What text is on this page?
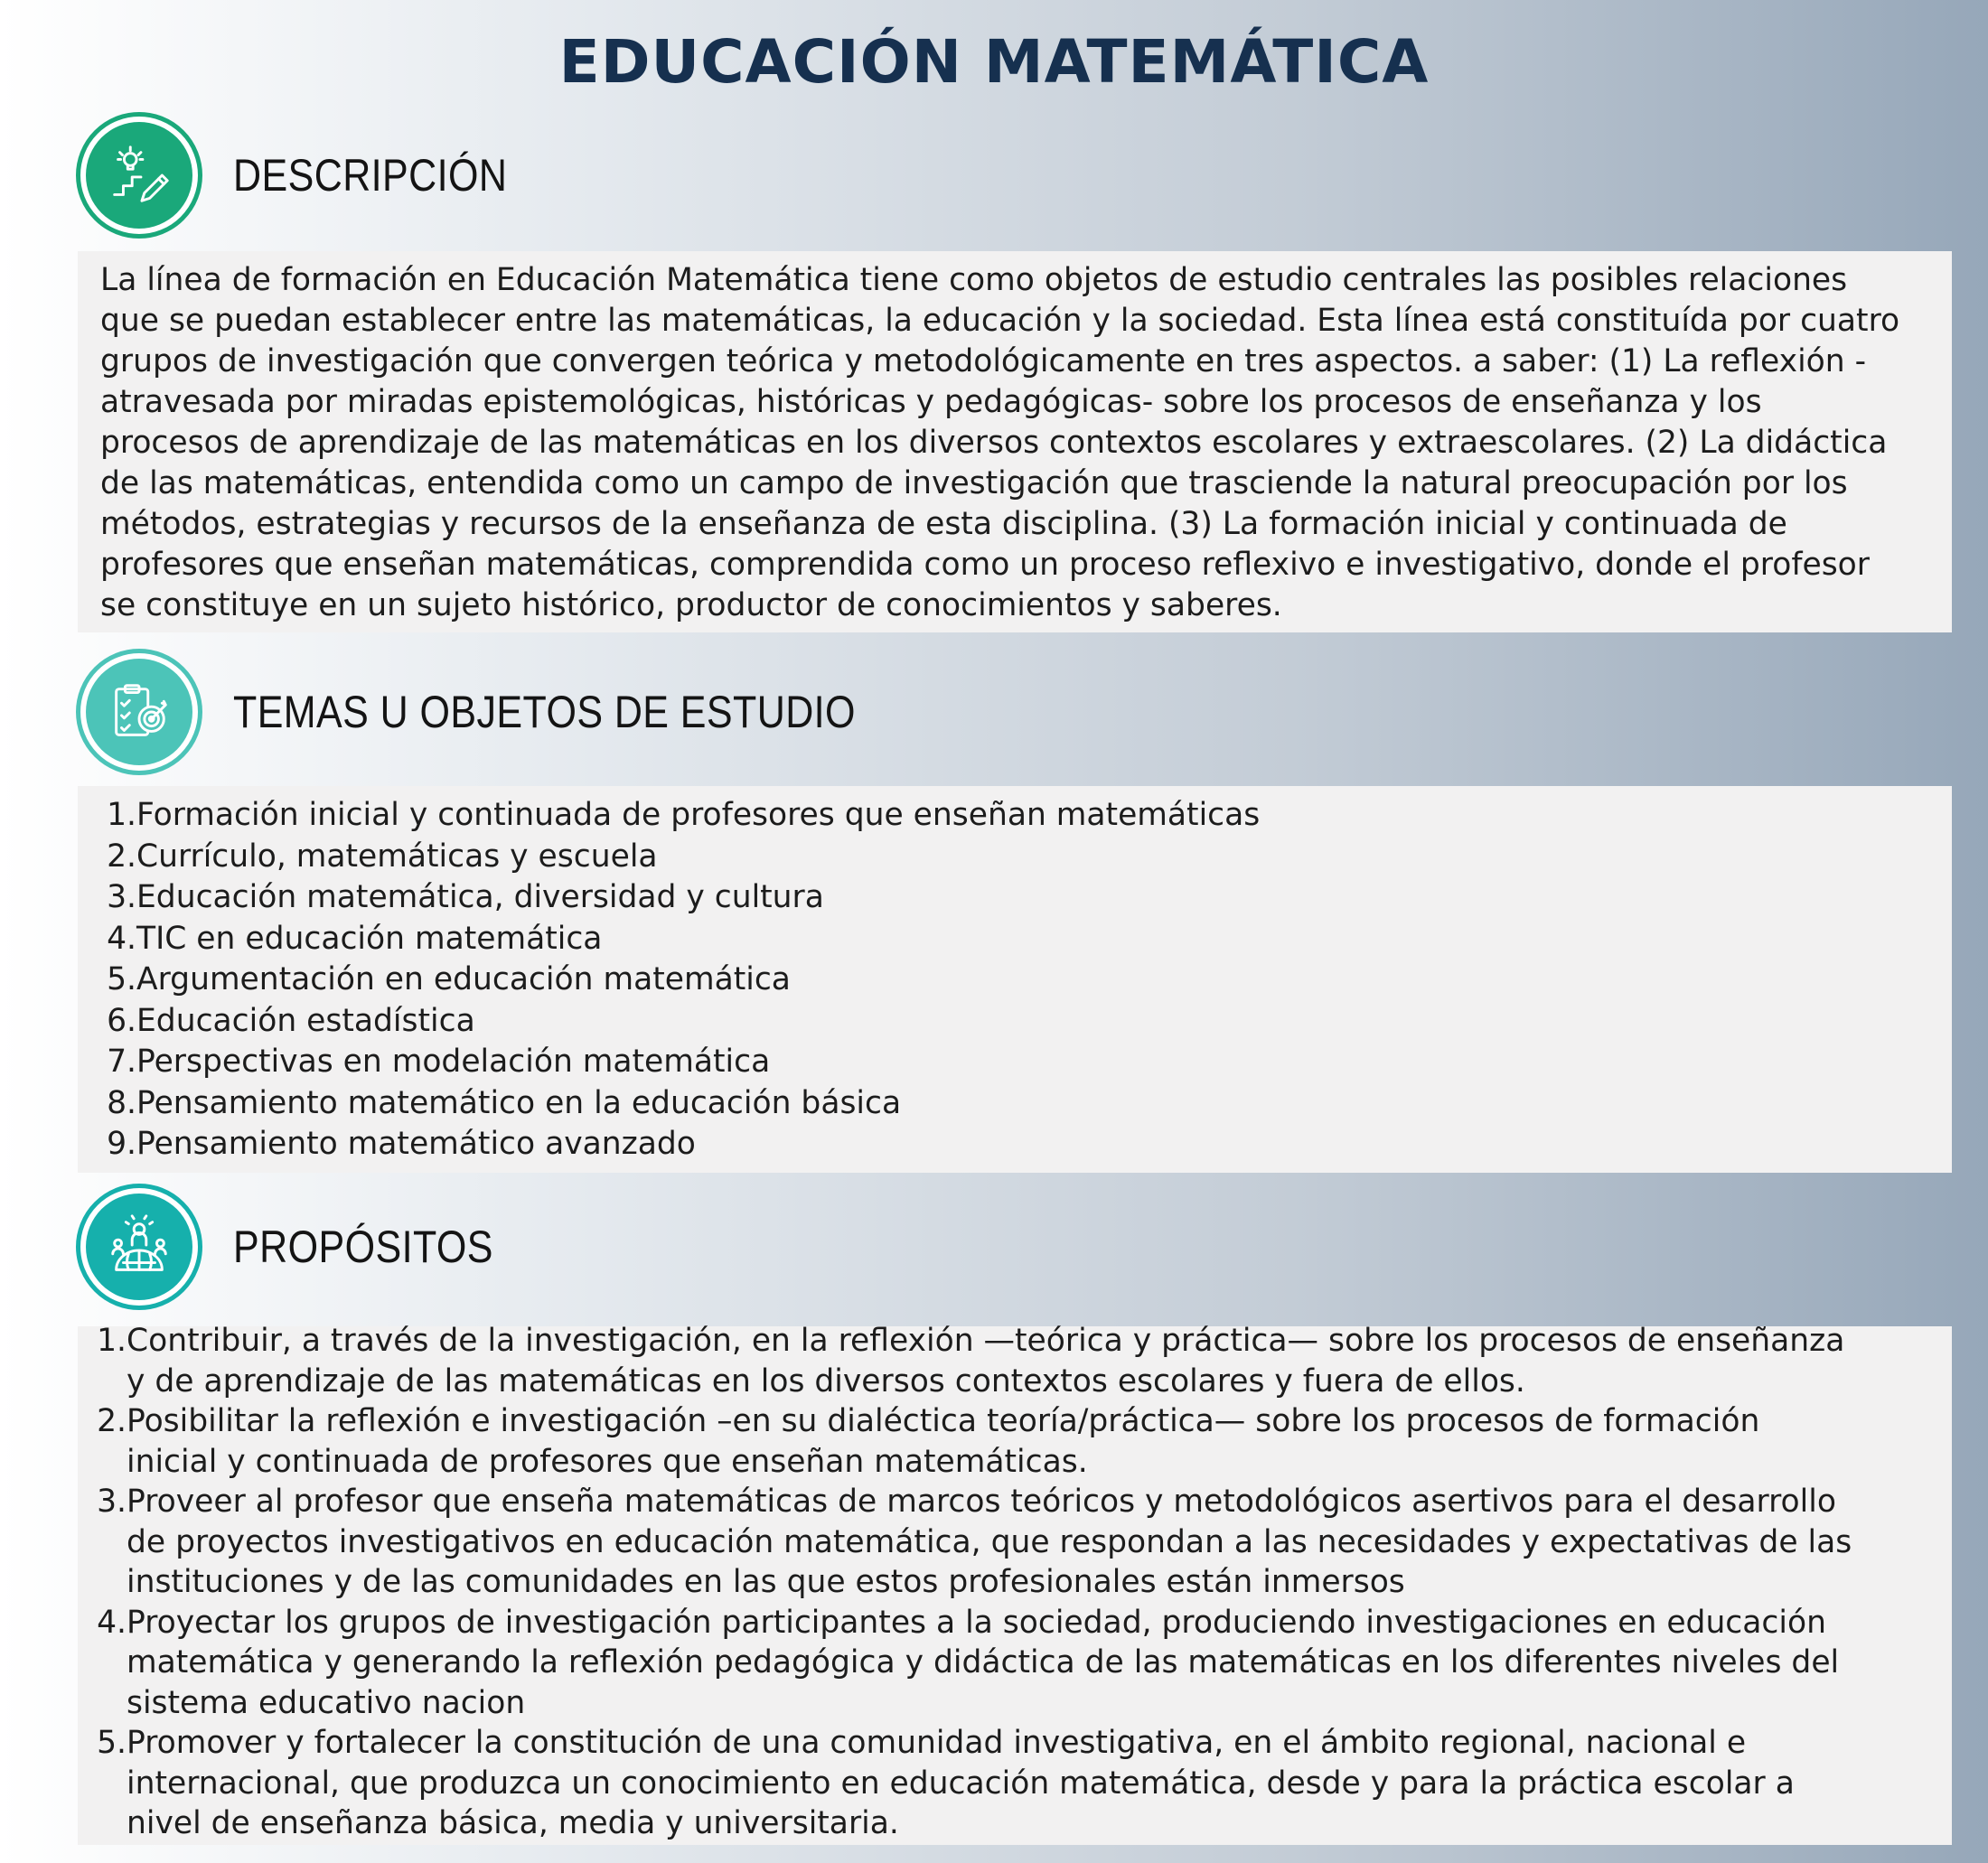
EDUCACIÓN MATEMÁTICA
DESCRIPCIÓN

La línea de formación en Educación Matemática tiene como objetos de estudio centrales las posibles relaciones
que se puedan establecer entre las matemáticas, la educación y la sociedad. Esta línea está constituída por cuatro
grupos de investigación que convergen teórica y metodológicamente en tres aspectos. a saber: (1) La reflexión -
atravesada por miradas epistemológicas, históricas y pedagógicas- sobre los procesos de enseñanza y los
procesos de aprendizaje de las matemáticas en los diversos contextos escolares y extraescolares. (2) La didáctica
de las matemáticas, entendida como un campo de investigación que trasciende la natural preocupación por los
métodos, estrategias y recursos de la enseñanza de esta disciplina. (3) La formación inicial y continuada de
profesores que enseñan matemáticas, comprendida como un proceso reflexivo e investigativo, donde el profesor
se constituye en un sujeto histórico, productor de conocimientos y saberes.

TEMAS U OBJETOS DE ESTUDIO
1. Formación inicial y continuada de profesores que enseñan matemáticas
2. Currículo, matemáticas y escuela
3. Educación matemática, diversidad y cultura
4. TIC en educación matemática
5. Argumentación en educación matemática
6. Educación estadística
7. Perspectivas en modelación matemática
8. Pensamiento matemático en la educación básica
9. Pensamiento matemático avanzado
PROPÓSITOS
1. Contribuir, a través de la investigación, en la reflexión —teórica y práctica— sobre los procesos de enseñanza
y de aprendizaje de las matemáticas en los diversos contextos escolares y fuera de ellos.
2. Posibilitar la reflexión e investigación –en su dialéctica teoría/práctica— sobre los procesos de formación
inicial y continuada de profesores que enseñan matemáticas.
3. Proveer al profesor que enseña matemáticas de marcos teóricos y metodológicos asertivos para el desarrollo
de proyectos investigativos en educación matemática, que respondan a las necesidades y expectativas de las
instituciones y de las comunidades en las que estos profesionales están inmersos
4. Proyectar los grupos de investigación participantes a la sociedad, produciendo investigaciones en educación
matemática y generando la reflexión pedagógica y didáctica de las matemáticas en los diferentes niveles del
sistema educativo nacion
5. Promover y fortalecer la constitución de una comunidad investigativa, en el ámbito regional, nacional e
internacional, que produzca un conocimiento en educación matemática, desde y para la práctica escolar a
nivel de enseñanza básica, media y universitaria.
